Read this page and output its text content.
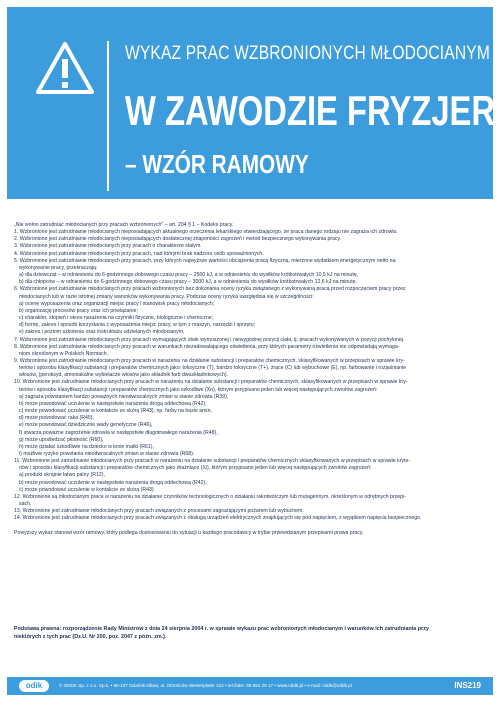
WYKAZ PRAC WZBRONIONYCH MŁODOCIANYM
W ZAWODZIE FRYZJER
– WZÓR RAMOWY
„Nie wolno zatrudniać młodocianych przy pracach wzbronionych" – art. 204 § 1 – Kodeks pracy.
1. Wzbronione jest zatrudnianie młodocianych nieposiadających aktualnego orzeczenia lekarskiego stwierdzającego, że praca danego rodzaju nie zagraża ich zdrowiu.
2. Wzbronione jest zatrudnianie młodocianych nieposiadających dostatecznej znajomości zagrożeń i metod bezpiecznego wykonywania pracy.
3. Wzbronione jest zatrudnianie młodocianych przy pracach o charakterze stałym.
4. Wzbronione jest zatrudnianie młodocianych przy pracach, nad którymi brak nadzoru osób upoważnionych.
5. Wzbronione jest zatrudnianie młodocianych przy pracach, przy których najwyższe wartości obciążenia pracą fizyczną, mierzone wydatkiem energetycznym netto na
wykonywanie pracy, przekraczają:
a) dla dziewcząt – w odniesieniu do 6-godzinnego dobowego czasu pracy – 2500 kJ, a w odniesieniu do wysiłków krótkotrwałych 10,5 kJ na minutę,
b) dla chłopców – w odniesieniu do 6-godzinnego dobowego czasu pracy – 3000 kJ, a w odniesieniu do wysiłków krótkotrwałych 12,6 kJ na minutę.
6. Wzbronione jest zatrudnianie młodocianych przy pracach wzbronionych bez dokonania oceny ryzyka związanego z wykonywaną pracą przed rozpoczęciem pracy przez
młodocianych lub w razie istotnej zmiany warunków wykonywania pracy. Podczas oceny ryzyka uwzględnia się w szczególności:
a) ocenę wyposażenia oraz organizacji miejsc pracy i stanowisk pracy młodocianych;
b) organizację procesów pracy oraz ich powiązanie;
c) charakter, stopień i okres narażenia na czynniki fizyczne, biologiczne i chemiczne;
d) formę, zakres i sposób korzystania z wyposażenia miejsc pracy, w tym z maszyn, narzędzi i sprzętu;
e) zakres i poziom szkolenia oraz instruktażu udzielanych młodocianym.
7. Wzbronione jest zatrudnianie młodocianych przy pracach wymagających stale wymuszonej i niewygodnej pozycji ciała, tj. pracach wykonywanych w pozycji pochylonej.
8. Wzbronione jest zatrudnianie młodocianych przy pracach w warunkach niezadowalającego oświetlenia, przy których parametry oświetlenia nie odpowiadają wymaga-
niom określonym w Polskich Normach.
9. Wzbronione jest zatrudnianie młodocianych przy pracach w narażeniu na działanie substancji i preparatów chemicznych, sklasyfikowanych w przepisach w sprawie kry-
teriów i sposobu klasyfikacji substancji i preparatów chemicznych jako: toksyczne (T), bardzo toksyczne (T+), żrące (C) lub wybuchowe (E), np. farbowanie i rozjaśnianie
włosów, (peroksyd, amoniakalne wybielacze włosów jako składnik farb dwuskładnikowych).
10. Wzbronione jest zatrudnianie młodocianych przy pracach w narażeniu na działanie substancji i preparatów chemicznych, sklasyfikowanych w przepisach w sprawie kry-
teriów i sposobu klasyfikacji substancji i preparatów chemicznych jako szkodliwe (Xn), którym przypisano jeden lub więcej następujących zwrotów zagrożeń:
a) zagraża powstaniem bardzo poważnych nieodwracalnych zmian w stanie zdrowia (R39),
b) może powodować uczulenie w następstwie narażenia drogą oddechową (R42),
c) może powodować uczulenie w kontakcie ze skórą (R43), np. farby na bazie amin,
d) może powodować raka (R45),
e) może powodować dziedziczne wady genetyczne (R46),
f) stwarza poważne zagrożenie zdrowia w następstwie długotrwałego narażenia (R48),
g) może upośledzać płodność (R60),
h) może działać szkodliwie na dziecko w łonie matki (R61),
i) możliwe ryzyko powstania nieodwracalnych zmian w stanie zdrowia (R68).
11. Wzbronione jest zatrudnianie młodocianych przy pracach w narażeniu na działanie substancji i preparatów chemicznych sklasyfikowanych w przepisach w sprawie kryte-
riów i sposobu klasyfikacji substancji i preparatów chemicznych jako drażniące (Xi), którym przypisano jeden lub więcej następujących zwrotów zagrożeń:
a) produkt skrajnie łatwo palny (R12),
b) może powodować uczulenie w następstwie narażenia drogą oddechową (R42),
c) może powodować uczulenie w kontakcie ze skórą (R43).
12. Wzbronione są młodocianym prace w narażeniu na działanie czynników technologicznych o działaniu rakotwórczym lub mutagennym, określonym w odrębnych przepi-
sach.
13. Wzbronione jest zatrudnianie młodocianych przy pracach związanych z procesami zagrażającymi pożarem lub wybuchem.
14. Wzbronione jest zatrudnianie młodocianych przy pracach związanych z obsługą urządzeń elektrycznych znajdujących się pod napięciem, z wyjątkiem napięcia bezpiecznego.
Powyższy wykaz stanowi wzór ramowy, który podlega dostosowaniu do sytuacji u każdego pracodawcy w trybie przewidzianym przepisami prawa pracy.
Podstawa prawna: rozporządzenie Rady Ministrów z dnia 24 sierpnia 2004 r. w sprawie wykazu prac wzbronionych młodocianym i warunków ich zatrudniania przy
niektórych z tych prac (Dz.U. Nr 200, poz. 2047 z późn. zm.).
odik	© ODDK Sp. z o.o. Sp.k. • 80-137 Gdańsk-Oliwa, ul. Obrońców Westerplatte 12A • tel./faks: 58 554 29 17 • www.oddk.pl • e-mail: oddk@oddk.pl	INS219
